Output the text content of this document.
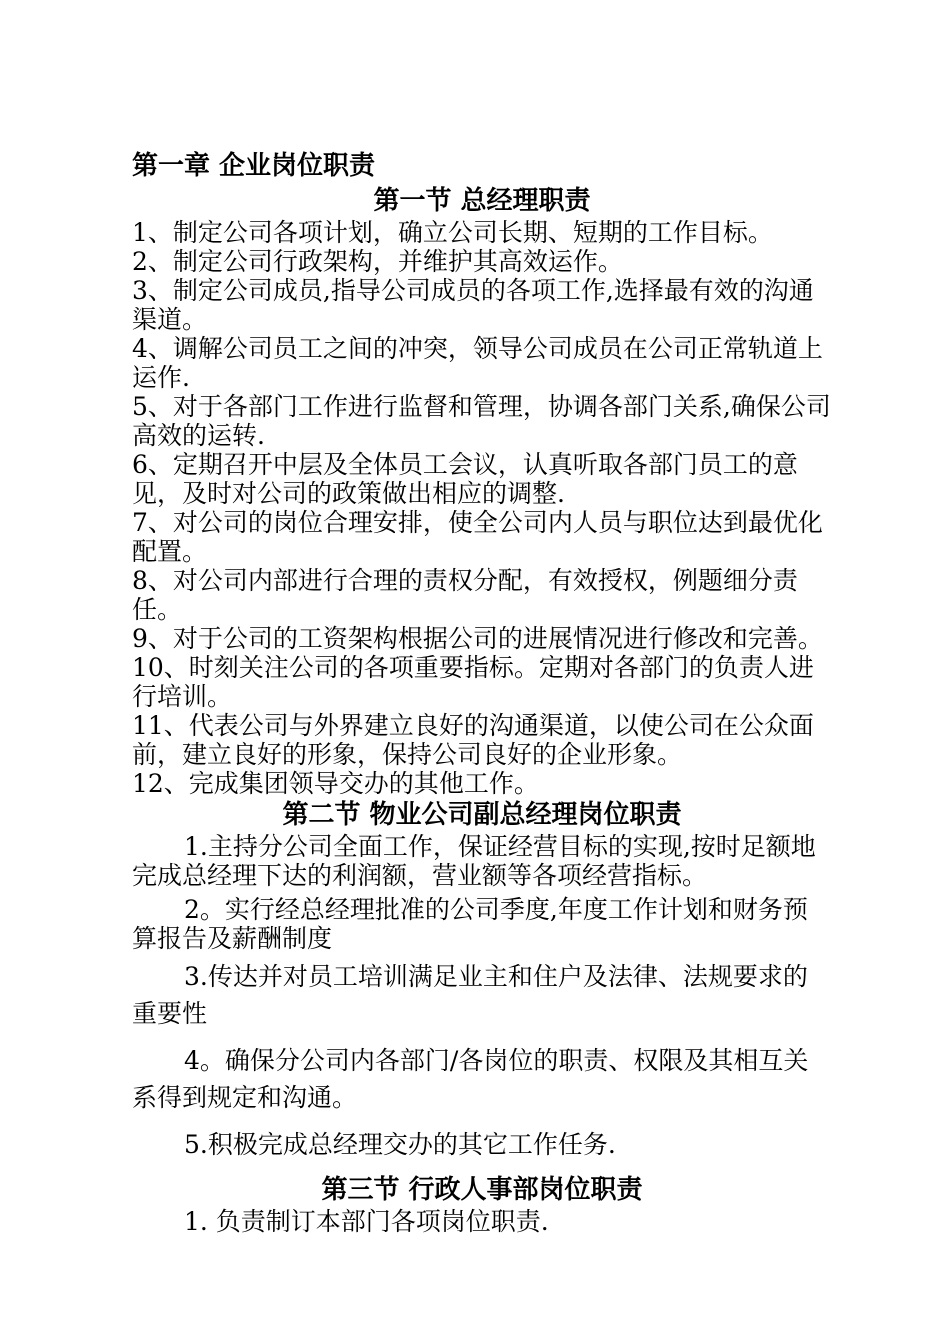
第一章 企业岗位职责
第一节 总经理职责

1、制定公司各项计划，确立公司长期、短期的工作目标。

2、制定公司行政架构，并维护其高效运作。

3、制定公司成员,指导公司成员的各项工作,选择最有效的沟通渠道。

4、调解公司员工之间的冲突，领导公司成员在公司正常轨道上运作.

5、对于各部门工作进行监督和管理，协调各部门关系,确保公司高效的运转.

6、定期召开中层及全体员工会议，认真听取各部门员工的意见，及时对公司的政策做出相应的调整.

7、对公司的岗位合理安排，使全公司内人员与职位达到最优化配置。

8、对公司内部进行合理的责权分配，有效授权，例题细分责任。

9、对于公司的工资架构根据公司的进展情况进行修改和完善。

10、时刻关注公司的各项重要指标。定期对各部门的负责人进行培训。

11、代表公司与外界建立良好的沟通渠道，以使公司在公众面前，建立良好的形象，保持公司良好的企业形象。

12、完成集团领导交办的其他工作。

第二节 物业公司副总经理岗位职责

1.主持分公司全面工作，保证经营目标的实现,按时足额地完成总经理下达的利润额，营业额等各项经营指标。

2。实行经总经理批准的公司季度,年度工作计划和财务预算报告及薪酬制度

3.传达并对员工培训满足业主和住户及法律、法规要求的重要性

4。确保分公司内各部门/各岗位的职责、权限及其相互关系得到规定和沟通。

5.积极完成总经理交办的其它工作任务.

第三节 行政人事部岗位职责

1. 负责制订本部门各项岗位职责.
